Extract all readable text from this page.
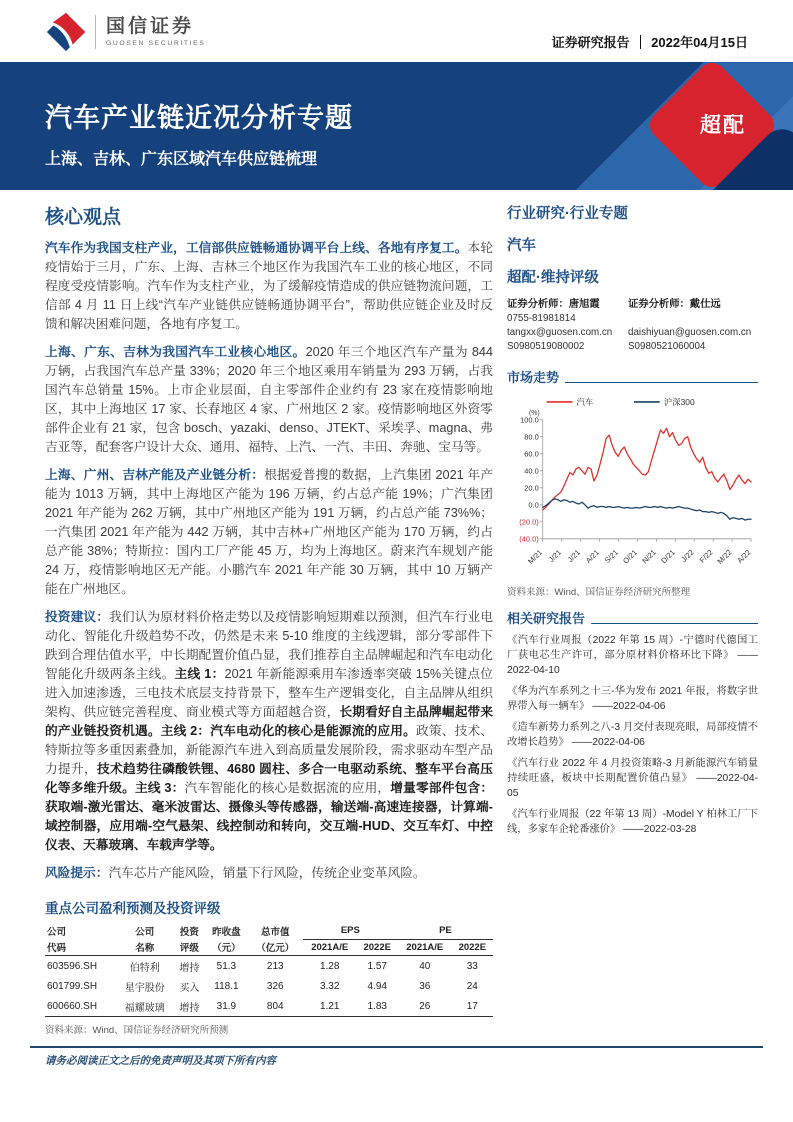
国信证券
GUOSEN SECURITIES	证券研究报告 2022年04月15日
超配
汽车产业链近况分析专题
上海、吉林、广东区域汽车供应链梳理
核心观点

汽车作为我国支柱产业，工信部供应链畅通协调平台上线、各地有序复工。本轮疫情始于三月，广东、上海、吉林三个地区作为我国汽车工业的核心地区，不同程度受疫情影响。汽车作为支柱产业，为了缓解疫情造成的供应链物流问题，工信部 4 月 11 日上线“汽车产业链供应链畅通协调平台”，帮助供应链企业及时反馈和解决困难问题，各地有序复工。

上海、广东、吉林为我国汽车工业核心地区。2020 年三个地区汽车产量为 844 万辆，占我国汽车总产量 33%；2020 年三个地区乘用车销量为 293 万辆，占我国汽车总销量 15%。上市企业层面，自主零部件企业约有 23 家在疫情影响地区，其中上海地区 17 家、长春地区 4 家、广州地区 2 家。疫情影响地区外资零部件企业有 21 家，包含 bosch、yazaki、denso、JTEKT、采埃孚、magna、弗吉亚等，配套客户设计大众、通用、福特、上汽、一汽、丰田、奔驰、宝马等。

上海、广州、吉林产能及产业链分析：根据爱普搜的数据，上汽集团 2021 年产能为 1013 万辆，其中上海地区产能为 196 万辆，约占总产能 19%；广汽集团 2021 年产能为 262 万辆，其中广州地区产能为 191 万辆，约占总产能 73%%；一汽集团 2021 年产能为 442 万辆，其中吉林+广州地区产能为 170 万辆，约占总产能 38%；特斯拉：国内工厂产能 45 万，均为上海地区。蔚来汽车规划产能 24 万，疫情影响地区无产能。小鹏汽车 2021 年产能 30 万辆，其中 10 万辆产能在广州地区。

投资建议：我们认为原材料价格走势以及疫情影响短期难以预测，但汽车行业电动化、智能化升级趋势不改，仍然是未来 5-10 维度的主线逻辑，部分零部件下跌到合理估值水平，中长期配置价值凸显，我们推荐自主品牌崛起和汽车电动化智能化升级两条主线。主线 1：2021 年新能源乘用车渗透率突破 15%关键点位进入加速渗透，三电技术底层支持背景下，整车生产逻辑变化，自主品牌从组织架构、供应链完善程度、商业模式等方面超越合资，长期看好自主品牌崛起带来的产业链投资机遇。主线 2：汽车电动化的核心是能源流的应用。政策、技术、特斯拉等多重因素叠加，新能源汽车进入到高质量发展阶段，需求驱动车型产品力提升，技术趋势往磷酸铁锂、4680 圆柱、多合一电驱动系统、整车平台高压化等多维升级。主线 3：汽车智能化的核心是数据流的应用，增量零部件包含：获取端-激光雷达、毫米波雷达、摄像头等传感器，输送端-高速连接器，计算端-域控制器，应用端-空气悬架、线控制动和转向，交互端-HUD、交互车灯、中控仪表、天幕玻璃、车载声学等。

风险提示：汽车芯片产能风险，销量下行风险，传统企业变革风险。

重点公司盈利预测及投资评级
公司	公司	投资	昨收盘	总市值	EPS		PE	
代码	名称	评级	（元）	（亿元）	2021A/E	2022E	2021A/E	2022E
603596.SH	伯特利	增持	51.3	213	1.28	1.57	40	33
601799.SH	星宇股份	买入	118.1	326	3.32	4.94	36	24
600660.SH	福耀玻璃	增持	31.9	804	1.21	1.83	26	17
资料来源：Wind、国信证券经济研究所预测
行业研究·行业专题
汽车
超配·维持评级
证券分析师：唐旭霞	证券分析师：戴仕远
0755-81981814
tangxx@guosen.com.cn	daishiyuan@guosen.com.cn
S0980519080002	S0980521060004
市场走势
汽车	沪深300
(%)
100.0
80.0
60.0
40.0
20.0
0.0
(20.0)
(40.0)
M/21 J/21 J/21 A/21 S/21 O/21 N/21 D/21 J/22 F/22 M/22 A/22
资料来源：Wind、国信证券经济研究所整理
相关研究报告

《汽车行业周报（2022 年第 15 周）-宁德时代德国工厂获电芯生产许可，部分原材料价格环比下降》 ——2022-04-10

《华为汽车系列之十三-华为发布 2021 年报，将数字世界带入每一辆车》 ——2022-04-06

《造车新势力系列之八-3 月交付表现亮眼，局部疫情不改增长趋势》 ——2022-04-06

《汽车行业 2022 年 4 月投资策略-3 月新能源汽车销量持续旺盛，板块中长期配置价值凸显》 ——2022-04-05

《汽车行业周报（22 年第 13 周）-Model Y 柏林工厂下线，多家车企轮番涨价》 ——2022-03-28

请务必阅读正文之后的免责声明及其项下所有内容
